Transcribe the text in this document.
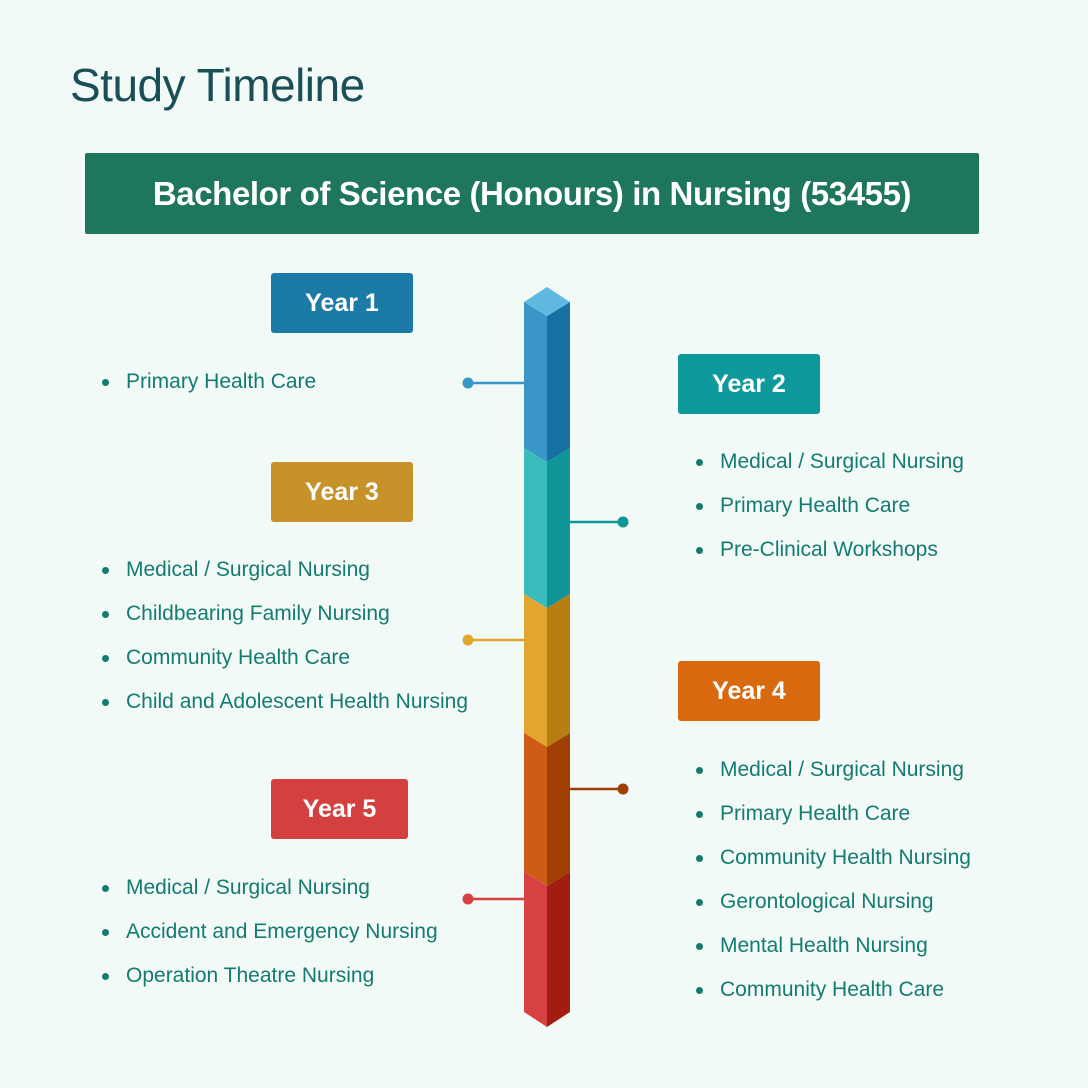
Study Timeline
Bachelor of Science (Honours) in Nursing (53455)
Year 1
Primary Health Care	Year 2
Medical / Surgical Nursing
Primary Health Care
Pre-Clinical Workshops
Year 3
Medical / Surgical Nursing
Childbearing Family Nursing
Community Health Care
Child and Adolescent Health Nursing	Year 4
Medical / Surgical Nursing
Primary Health Care
Community Health Nursing
Gerontological Nursing
Mental Health Nursing
Community Health Care
Year 5
Medical / Surgical Nursing
Accident and Emergency Nursing
Operation Theatre Nursing
